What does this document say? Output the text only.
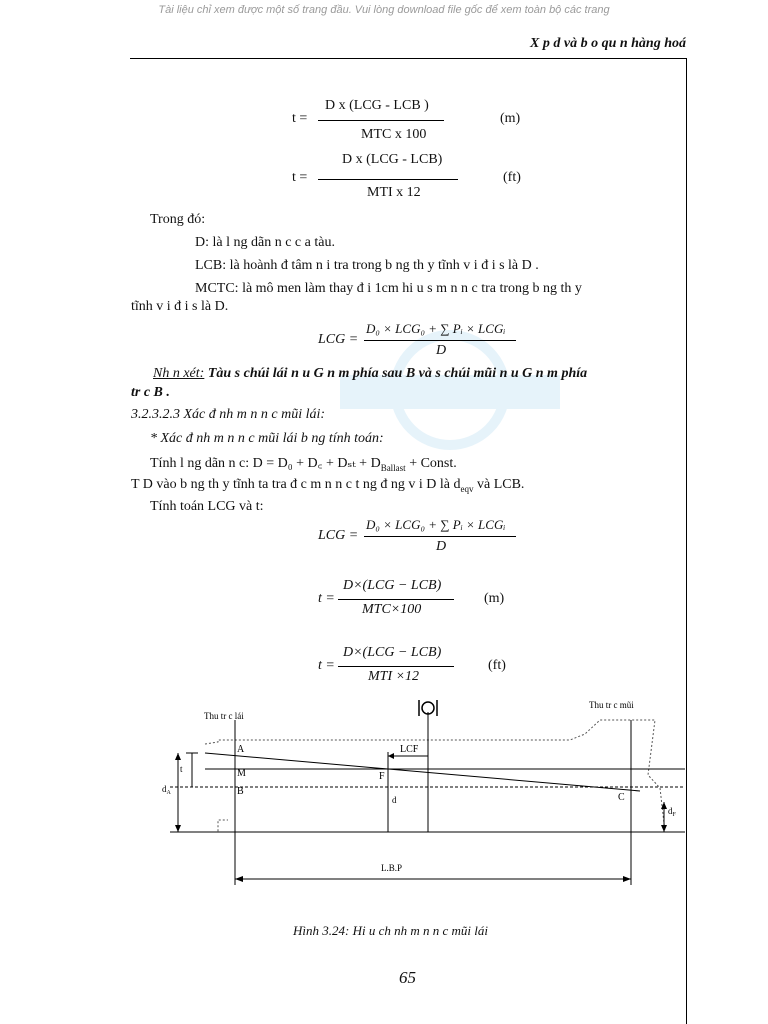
Tài liệu chỉ xem được một số trang đầu. Vui lòng download file gốc để xem toàn bộ các trang
X p d và b o qu n hàng hoá
t =
D x (LCG - LCB )
MTC x 100
(m)
t =
D x (LCG - LCB)
MTI x 12
(ft)
Trong đó:
D: là l ng dãn n c c a tàu.
LCB: là hoành đ tâm n i tra trong b ng th y tĩnh v i đ i s là D .
MCTC: là mô men làm thay đ i 1cm hi u s m n n c tra trong b ng th y
tĩnh v i đ i s là D.
LCG =
D₀ × LCG₀ + ∑ Pᵢ × LCGᵢ
D
Nh n xét: Tàu s chúi lái n u G n m phía sau B và s chúi mũi n u G n m phía
tr c B .
3.2.3.2.3 Xác đ nh m n n c mũi lái:
* Xác đ nh m n n c mũi lái b ng tính toán:
Tính l ng dãn n c: D = D₀ + D꜀ + $D_{st} + D_{Ballast}$ + Const.
T D vào b ng th y tĩnh ta tra đ c m n n c t ng đ ng v i D là $d_{eqv}$ và LCB.
Tính toán LCG và t:
LCG =
D₀ × LCG₀ + ∑ Pᵢ × LCGᵢ
D
t =
D×(LCG − LCB)
MTC×100
(m)
t =
D×(LCG − LCB)
MTI ×12
(ft)
Thu tr c lái
Thu tr c mũi
LCF
A
M
B
F
C
t
$d_A$
d
$d_F$
L.B.P
Hình 3.24: Hi u ch nh m n n c mũi lái
65
